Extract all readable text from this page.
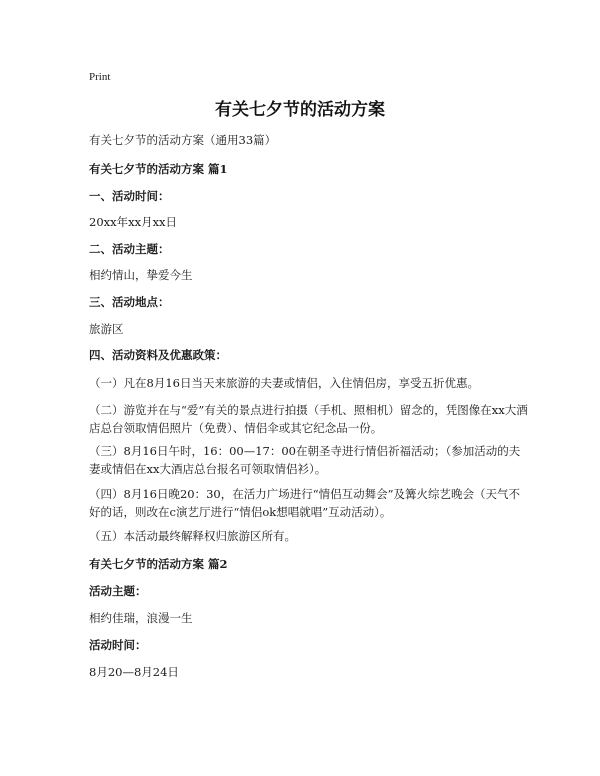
Print
有关七夕节的活动方案
有关七夕节的活动方案（通用33篇）
有关七夕节的活动方案 篇1
一、活动时间：
20xx年xx月xx日
二、活动主题：
相约情山，挚爱今生
三、活动地点：
旅游区
四、活动资料及优惠政策：
（一）凡在8月16日当天来旅游的夫妻或情侣，入住情侣房，享受五折优惠。
（二）游览并在与“爱”有关的景点进行拍摄（手机、照相机）留念的，凭图像在xx大酒店总台领取情侣照片（免费）、情侣伞或其它纪念品一份。
（三）8月16日午时，16：00—17：00在朝圣寺进行情侣祈福活动；（参加活动的夫妻或情侣在xx大酒店总台报名可领取情侣衫）。
（四）8月16日晚20：30，在活力广场进行“情侣互动舞会”及篝火综艺晚会（天气不好的话，则改在c演艺厅进行“情侣ok想唱就唱”互动活动）。
（五）本活动最终解释权归旅游区所有。
有关七夕节的活动方案 篇2
活动主题：
相约佳瑞，浪漫一生
活动时间：
8月20—8月24日
